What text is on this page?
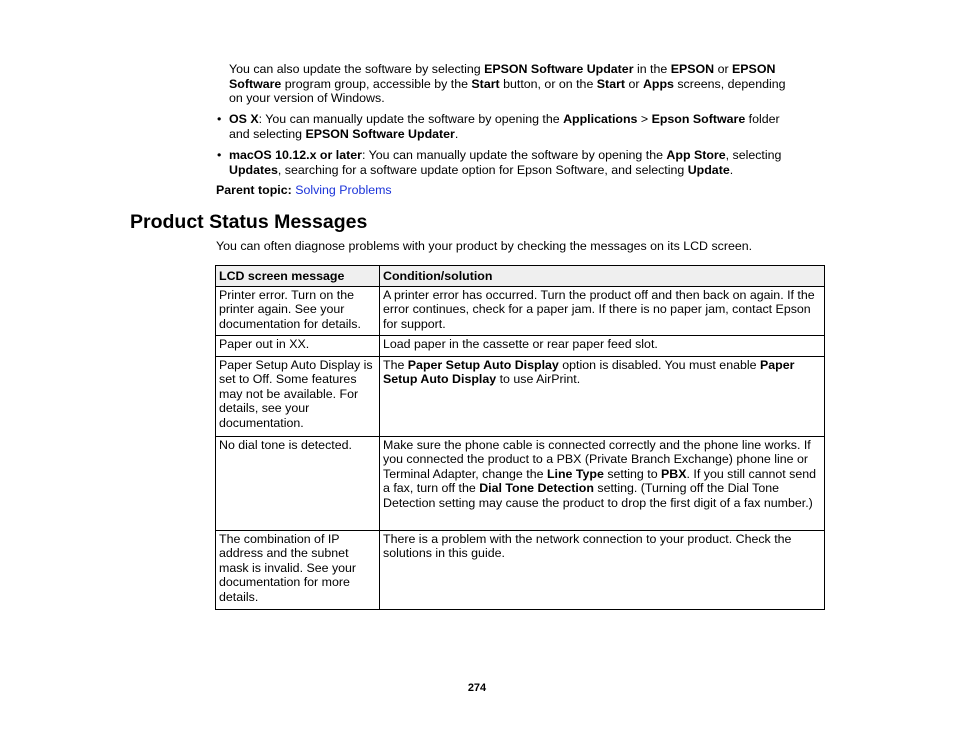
You can also update the software by selecting EPSON Software Updater in the EPSON or EPSON
Software program group, accessible by the Start button, or on the Start or Apps screens, depending
on your version of Windows.
• OS X: You can manually update the software by opening the Applications > Epson Software folder
and selecting EPSON Software Updater.
• macOS 10.12.x or later: You can manually update the software by opening the App Store, selecting
Updates, searching for a software update option for Epson Software, and selecting Update.
Parent topic: Solving Problems
Product Status Messages
You can often diagnose problems with your product by checking the messages on its LCD screen.
LCD screen message	Condition/solution
Printer error. Turn on the printer again. See your documentation for details.	A printer error has occurred. Turn the product off and then back on again. If the error continues, check for a paper jam. If there is no paper jam, contact Epson for support.
Paper out in XX.	Load paper in the cassette or rear paper feed slot.
Paper Setup Auto Display is set to Off. Some features may not be available. For details, see your documentation.	The Paper Setup Auto Display option is disabled. You must enable Paper Setup Auto Display to use AirPrint.
No dial tone is detected.	Make sure the phone cable is connected correctly and the phone line works. If you connected the product to a PBX (Private Branch Exchange) phone line or Terminal Adapter, change the Line Type setting to PBX. If you still cannot send a fax, turn off the Dial Tone Detection setting. (Turning off the Dial Tone Detection setting may cause the product to drop the first digit of a fax number.)
The combination of IP address and the subnet mask is invalid. See your documentation for more details.	There is a problem with the network connection to your product. Check the solutions in this guide.
274
